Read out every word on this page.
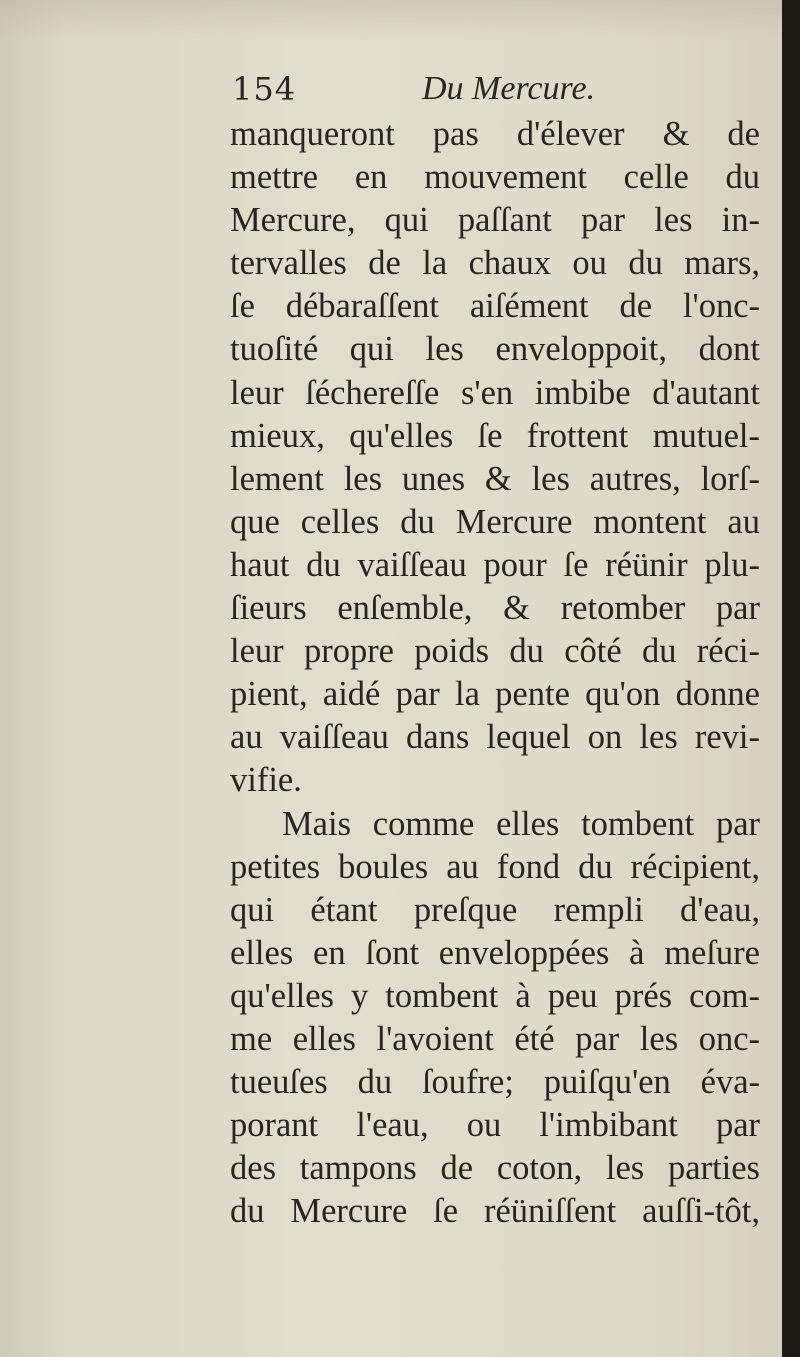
154	Du Mercure.
manqueront pas d'élever & de
mettre en mouvement celle du
Mercure, qui paſſant par les in-
tervalles de la chaux ou du mars,
ſe débaraſſent aiſément de l'onc-
tuoſité qui les enveloppoit, dont
leur ſéchereſſe s'en imbibe d'autant
mieux, qu'elles ſe frottent mutuel-
lement les unes & les autres, lorſ-
que celles du Mercure montent au
haut du vaiſſeau pour ſe réünir plu-
ſieurs enſemble, & retomber par
leur propre poids du côté du réci-
pient, aidé par la pente qu'on donne
au vaiſſeau dans lequel on les revi-
vifie.
Mais comme elles tombent par
petites boules au fond du récipient,
qui étant preſque rempli d'eau,
elles en ſont enveloppées à meſure
qu'elles y tombent à peu prés com-
me elles l'avoient été par les onc-
tueuſes du ſoufre; puiſqu'en éva-
porant l'eau, ou l'imbibant par
des tampons de coton, les parties
du Mercure ſe réüniſſent auſſi-tôt,
